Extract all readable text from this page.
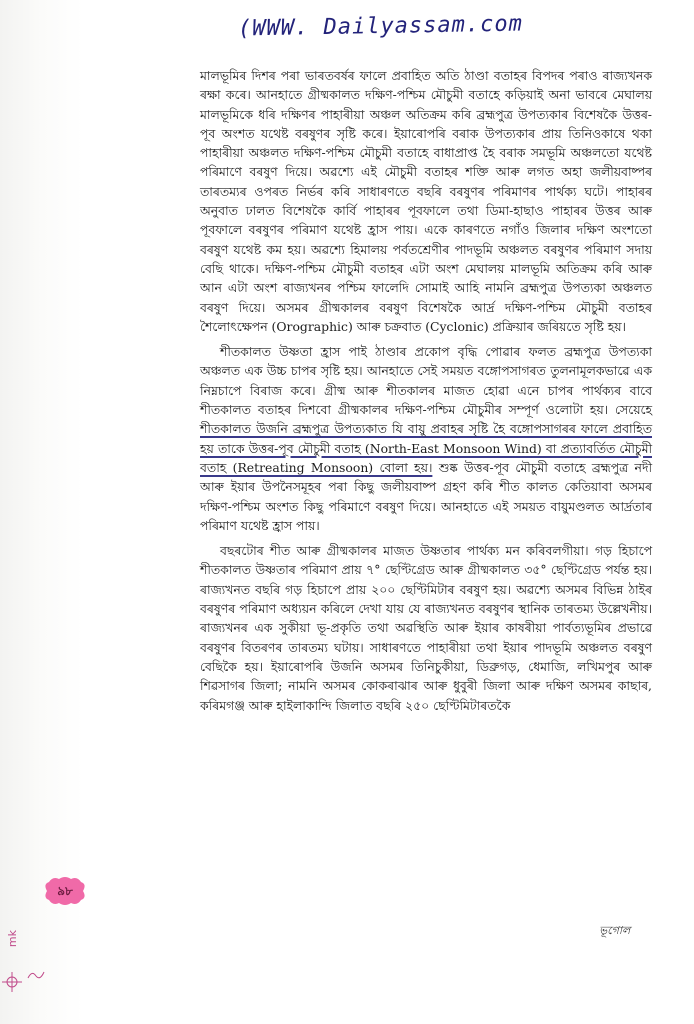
(WWW. Dailyassam.com

মালভূমিৰ দিশৰ পৰা ভাৰতবৰ্ষৰ ফালে প্ৰবাহিত অতি ঠাণ্ডা বতাহৰ বিপদৰ পৰাও ৰাজ্যখনক ৰক্ষা কৰে। আনহাতে গ্ৰীষ্মকালত দক্ষিণ-পশ্চিম মৌচুমী বতাহে কড়িয়াই অনা ভাবৰে মেঘালয় মালভূমিকে ধৰি দক্ষিণৰ পাহাৰীয়া অঞ্চল অতিক্ৰম কৰি ব্ৰহ্মপুত্ৰ উপত্যকাৰ বিশেষকৈ উত্তৰ-পূব অংশত যথেষ্ট বৰষুণৰ সৃষ্টি কৰে। ইয়াৰোপৰি বৰাক উপত্যকাৰ প্ৰায় তিনিওকাষে থকা পাহাৰীয়া অঞ্চলত দক্ষিণ-পশ্চিম মৌচুমী বতাহে বাধাপ্ৰাপ্ত হৈ বৰাক সমভূমি অঞ্চলতো যথেষ্ট পৰিমাণে বৰষুণ দিয়ে। অৱশ্যে এই মৌচুমী বতাহৰ শক্তি আৰু লগত অহা জলীয়বাষ্পৰ তাৰতম্যৰ ওপৰত নিৰ্ভৰ কৰি সাধাৰণতে বছৰি বৰষুণৰ পৰিমাণৰ পাৰ্থক্য ঘটে। পাহাৰৰ অনুবাত ঢালত বিশেষকৈ কাৰ্বি পাহাৰৰ পূবফালে তথা ডিমা-হাছাও পাহাৰৰ উত্তৰ আৰু পূবফালে বৰষুণৰ পৰিমাণ যথেষ্ট হ্ৰাস পায়। একে কাৰণতে নগাঁও জিলাৰ দক্ষিণ অংশতো বৰষুণ যথেষ্ট কম হয়। অৱশ্যে হিমালয় পৰ্বতশ্ৰেণীৰ পাদভূমি অঞ্চলত বৰষুণৰ পৰিমাণ সদায় বেছি থাকে। দক্ষিণ-পশ্চিম মৌচুমী বতাহৰ এটা অংশ মেঘালয় মালভূমি অতিক্ৰম কৰি আৰু আন এটা অংশ ৰাজ্যখনৰ পশ্চিম ফালেদি সোমাই আহি নামনি ব্ৰহ্মপুত্ৰ উপত্যকা অঞ্চলত বৰষুণ দিয়ে। অসমৰ গ্ৰীষ্মকালৰ বৰষুণ বিশেষকৈ আৰ্দ্ৰ দক্ষিণ-পশ্চিম মৌচুমী বতাহৰ শৈলোৎক্ষেপন (Orographic) আৰু চক্ৰবাত (Cyclonic) প্ৰক্ৰিয়াৰ জৰিয়তে সৃষ্টি হয়।

শীতকালত উষ্ণতা হ্ৰাস পাই ঠাণ্ডাৰ প্ৰকোপ বৃদ্ধি পোৱাৰ ফলত ব্ৰহ্মপুত্ৰ উপত্যকা অঞ্চলত এক উচ্চ চাপৰ সৃষ্টি হয়। আনহাতে সেই সময়ত বঙ্গোপসাগৰত তুলনামূলকভাৱে এক নিম্নচাপে বিৰাজ কৰে। গ্ৰীষ্ম আৰু শীতকালৰ মাজত হোৱা এনে চাপৰ পাৰ্থক্যৰ বাবে শীতকালত বতাহৰ দিশবো গ্ৰীষ্মকালৰ দক্ষিণ-পশ্চিম মৌচুমীৰ সম্পূৰ্ণ ওলোটা হয়। সেয়েহে শীতকালত উজনি ব্ৰহ্মপুত্ৰ উপত্যকাত যি বায়ু প্ৰবাহৰ সৃষ্টি হৈ বঙ্গোপসাগৰৰ ফালে প্ৰবাহিত হয় তাকে উত্তৰ-পূব মৌচুমী বতাহ (North-East Monsoon Wind) বা প্ৰত্যাবৰ্তিত মৌচুমী বতাহ (Retreating Monsoon) বোলা হয়। শুষ্ক উত্তৰ-পূব মৌচুমী বতাহে ব্ৰহ্মপুত্ৰ নদী আৰু ইয়াৰ উপনৈসমূহৰ পৰা কিছু জলীয়বাষ্প গ্ৰহণ কৰি শীত কালত কেতিয়াবা অসমৰ দক্ষিণ-পশ্চিম অংশত কিছু পৰিমাণে বৰষুণ দিয়ে। আনহাতে এই সময়ত বায়ুমণ্ডলত আৰ্দ্ৰতাৰ পৰিমাণ যথেষ্ট হ্ৰাস পায়।

বছৰটোৰ শীত আৰু গ্ৰীষ্মকালৰ মাজত উষ্ণতাৰ পাৰ্থক্য মন কৰিবলগীয়া। গড় হিচাপে শীতকালত উষ্ণতাৰ পৰিমাণ প্ৰায় ৭° ছেণ্টিগ্ৰেড আৰু গ্ৰীষ্মকালত ৩৫° ছেণ্টিগ্ৰেড পৰ্যন্ত হয়। ৰাজ্যখনত বছৰি গড় হিচাপে প্ৰায় ২০০ ছেণ্টিমিটাৰ বৰষুণ হয়। অৱশ্যে অসমৰ বিভিন্ন ঠাইৰ বৰষুণৰ পৰিমাণ অধ্যয়ন কৰিলে দেখা যায় যে ৰাজ্যখনত বৰষুণৰ স্থানিক তাৰতম্য উল্লেখনীয়। ৰাজ্যখনৰ এক সুকীয়া ভূ-প্ৰকৃতি তথা অৱস্থিতি আৰু ইয়াৰ কাষৰীয়া পাৰ্বত্যভূমিৰ প্ৰভাৱে বৰষুণৰ বিতৰণৰ তাৰতম্য ঘটায়। সাধাৰণতে পাহাৰীয়া তথা ইয়াৰ পাদভূমি অঞ্চলত বৰষুণ বেছিকৈ হয়। ইয়াৰোপৰি উজনি অসমৰ তিনিচুকীয়া, ডিব্ৰুগড়, ধেমাজি, লখিমপুৰ আৰু শিৱসাগৰ জিলা; নামনি অসমৰ কোকৰাঝাৰ আৰু ধুবুৰী জিলা আৰু দক্ষিণ অসমৰ কাছাৰ, কৰিমগঞ্জ আৰু হাইলাকান্দি জিলাত বছৰি ২৫০ ছেণ্টিমিটাৰতকৈ

৯৮
ভূগোল
mk
